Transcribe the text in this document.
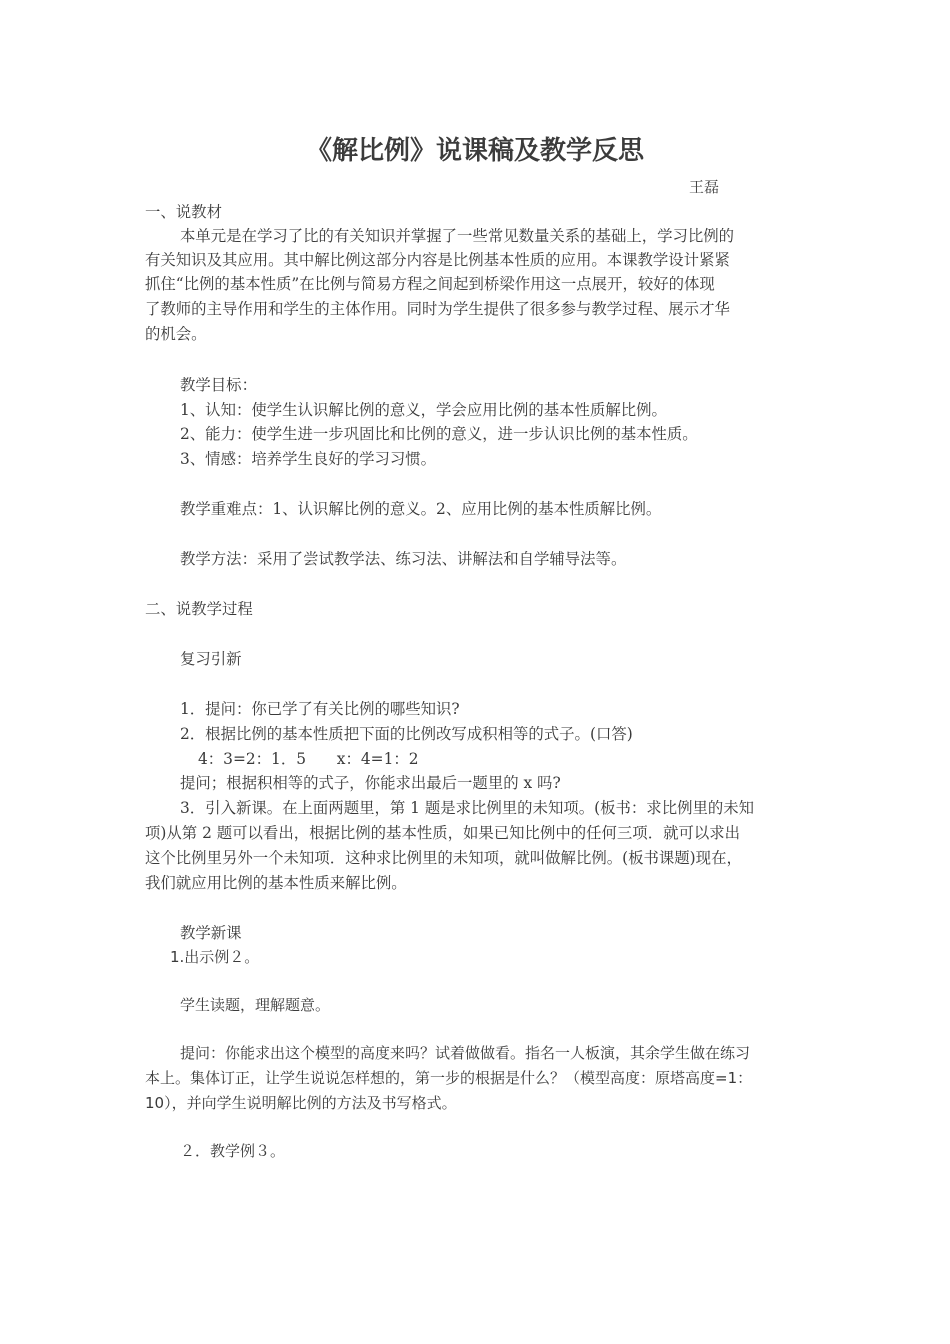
《解比例》说课稿及教学反思
王磊
一、说教材
本单元是在学习了比的有关知识并掌握了一些常见数量关系的基础上，学习比例的
有关知识及其应用。其中解比例这部分内容是比例基本性质的应用。本课教学设计紧紧
抓住“比例的基本性质”在比例与简易方程之间起到桥梁作用这一点展开，较好的体现
了教师的主导作用和学生的主体作用。同时为学生提供了很多参与教学过程、展示才华
的机会。
教学目标：
1、认知：使学生认识解比例的意义，学会应用比例的基本性质解比例。
2、能力：使学生进一步巩固比和比例的意义，进一步认识比例的基本性质。
3、情感：培养学生良好的学习习惯。
教学重难点：1、认识解比例的意义。2、应用比例的基本性质解比例。
教学方法：采用了尝试教学法、练习法、讲解法和自学辅导法等。
二、说教学过程
复习引新
1．提问：你已学了有关比例的哪些知识?
2．根据比例的基本性质把下面的比例改写成积相等的式子。(口答)
4：3=2：1．5　　x：4=1：2
提问；根据积相等的式子，你能求出最后一题里的 x 吗?
3．引入新课。在上面两题里，第 1 题是求比例里的未知项。(板书：求比例里的未知
项)从第 2 题可以看出，根据比例的基本性质，如果已知比例中的任何三项．就可以求出
这个比例里另外一个未知项．这种求比例里的未知项，就叫做解比例。(板书课题)现在，
我们就应用比例的基本性质来解比例。
教学新课
1.出示例２。
学生读题，理解题意。
提问：你能求出这个模型的高度来吗？试着做做看。指名一人板演，其余学生做在练习
本上。集体订正，让学生说说怎样想的，第一步的根据是什么？（模型高度：原塔高度=1：
10），并向学生说明解比例的方法及书写格式。
２．教学例３。
